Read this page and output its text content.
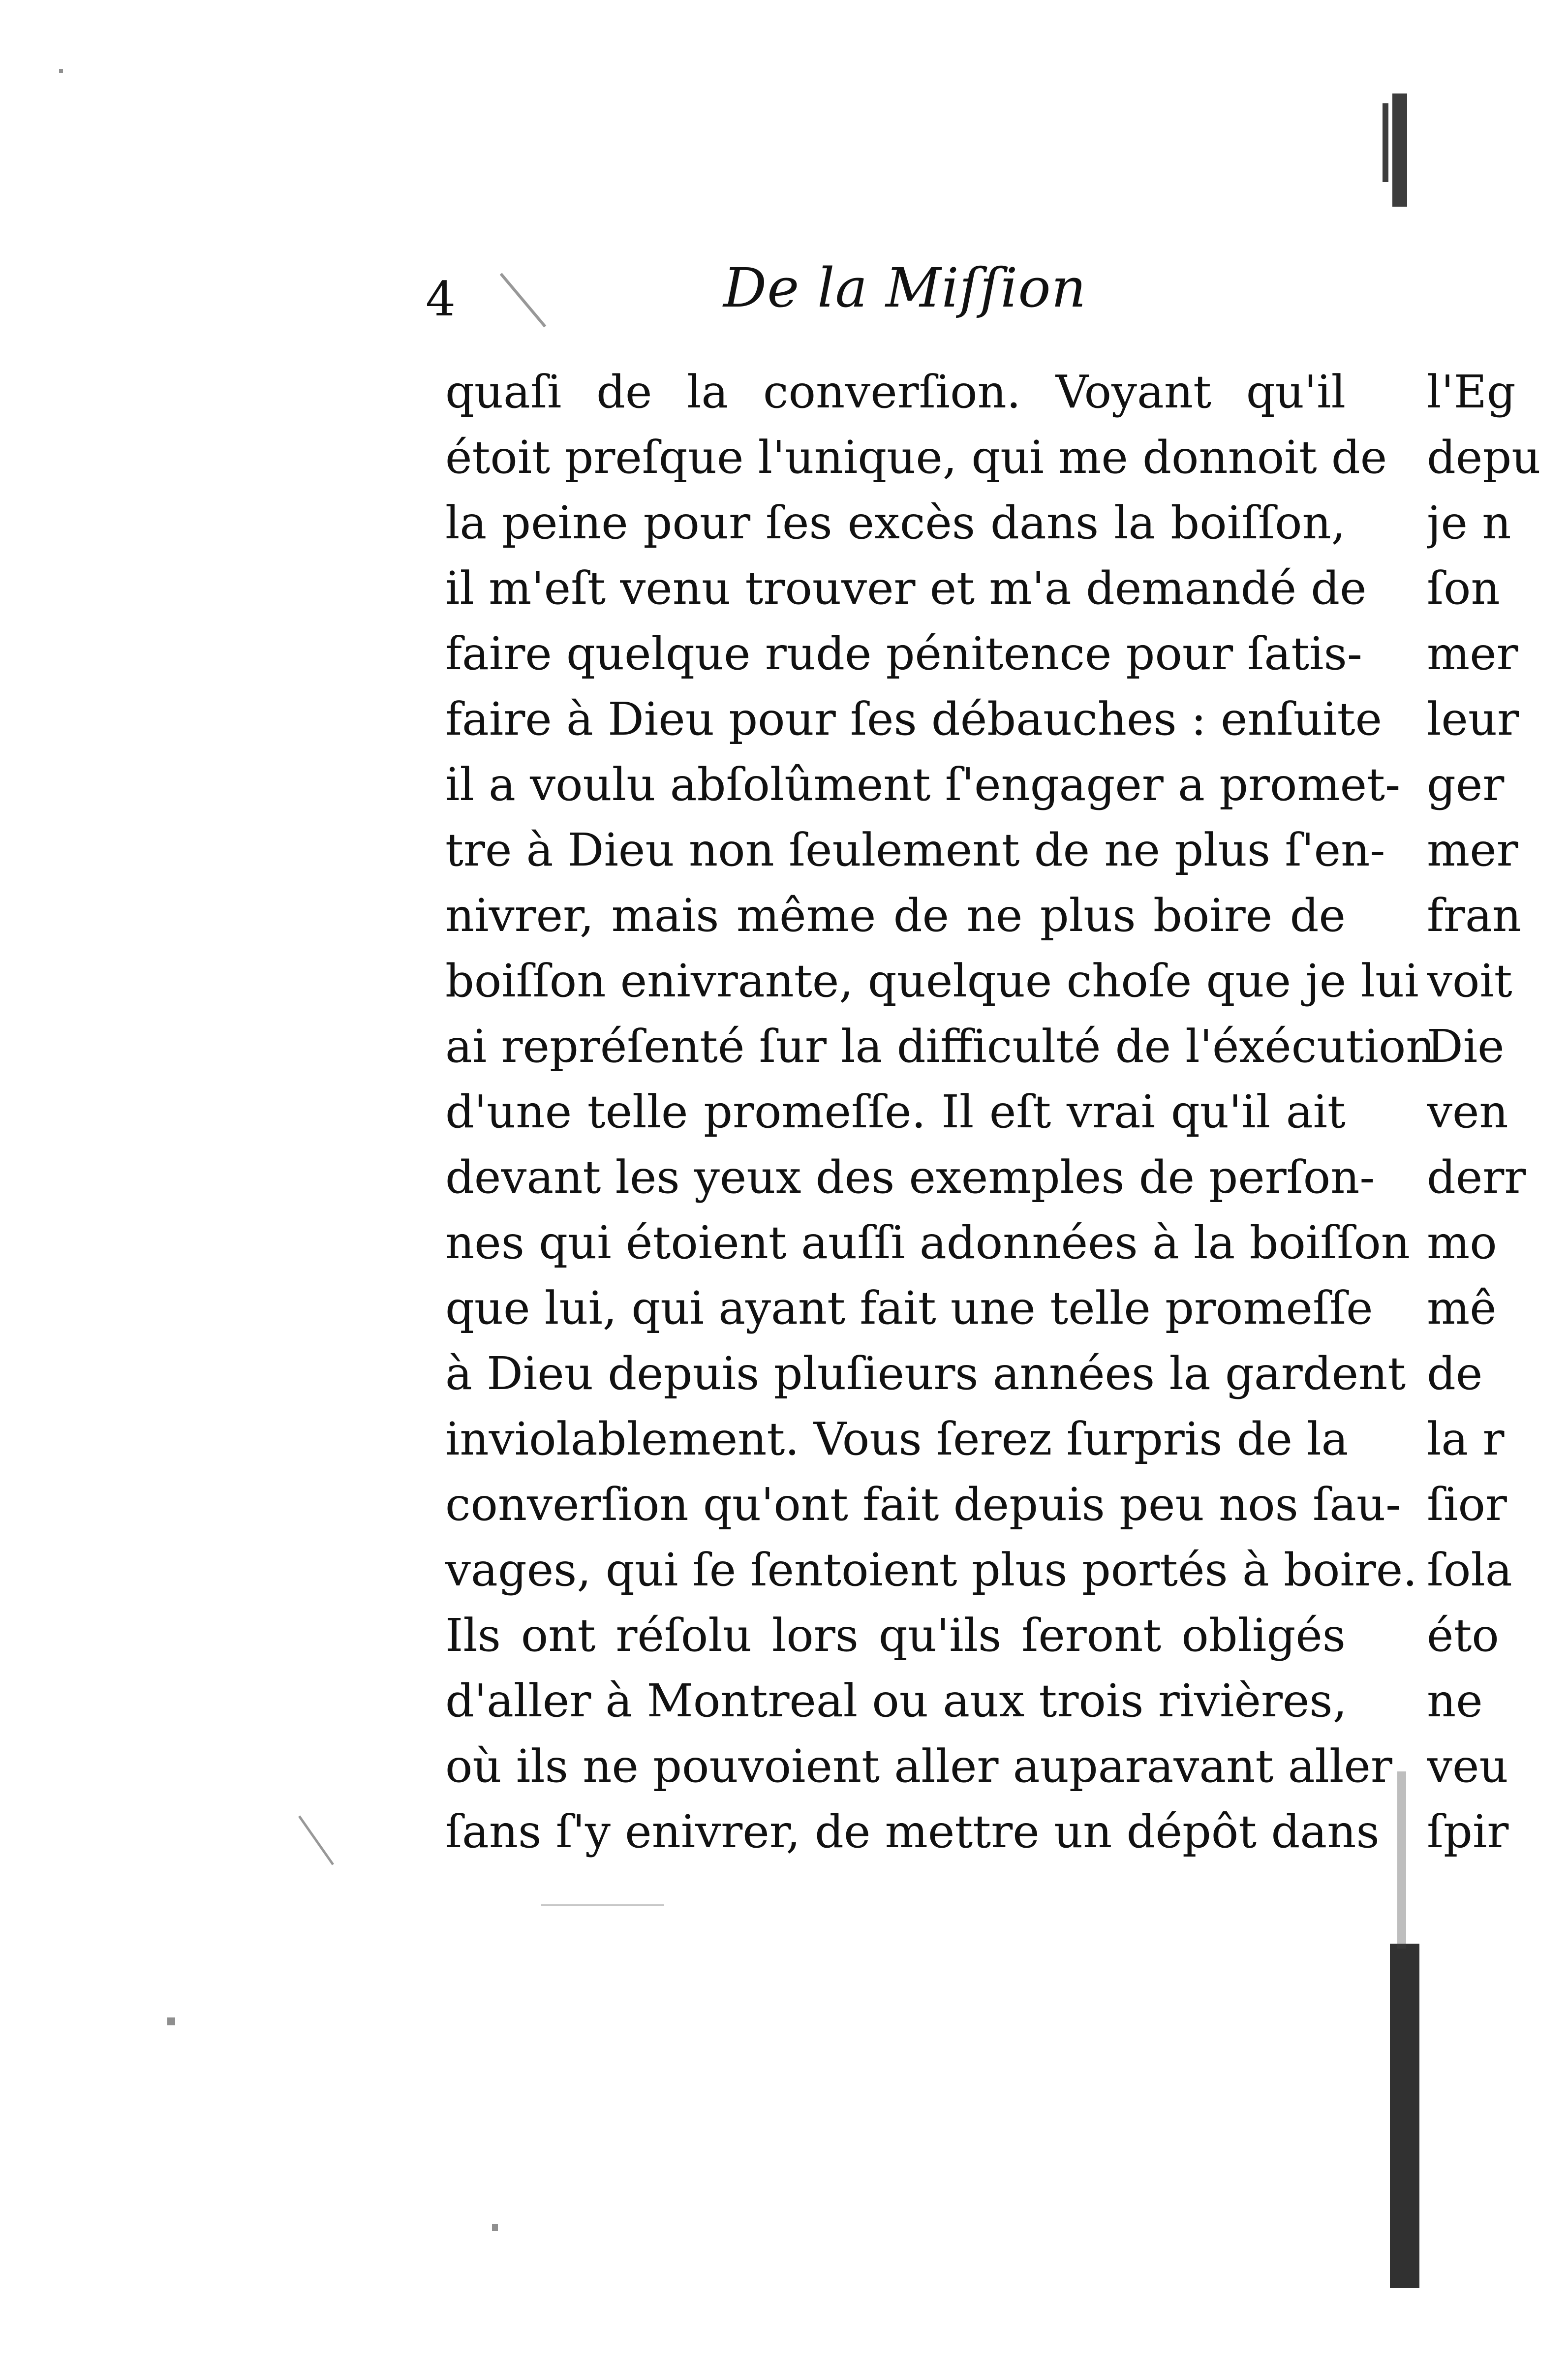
4	De la Miſſion
quaſi de la converſion. Voyant qu'il
étoit preſque l'unique, qui me donnoit de
la peine pour ſes excès dans la boiſſon,
il m'eſt venu trouver et m'a demandé de
faire quelque rude pénitence pour ſatis-
faire à Dieu pour ſes débauches : enſuite
il a voulu abſolûment ſ'engager a promet-
tre à Dieu non ſeulement de ne plus ſ'en-
nivrer, mais même de ne plus boire de
boiſſon enivrante, quelque choſe que je lui
ai repréſenté ſur la difficulté de l'éxécution
d'une telle promeſſe. Il eſt vrai qu'il ait
devant les yeux des exemples de perſon-
nes qui étoient auſſi adonnées à la boiſſon
que lui, qui ayant fait une telle promeſſe
à Dieu depuis pluſieurs années la gardent
inviolablement. Vous ſerez ſurpris de la
converſion qu'ont fait depuis peu nos ſau-
vages, qui ſe ſentoient plus portés à boire.
Ils ont réſolu lors qu'ils ſeront obligés
d'aller à Montreal ou aux trois rivières,
où ils ne pouvoient aller auparavant aller
ſans ſ'y enivrer, de mettre un dépôt dans
l'Eg
depu
je n
ſon
mer
leur
ger
mer
fran
voit
Die
ven
derr
mo
mê
de
la r
ſior
ſola
éto
ne
veu
ſpir
